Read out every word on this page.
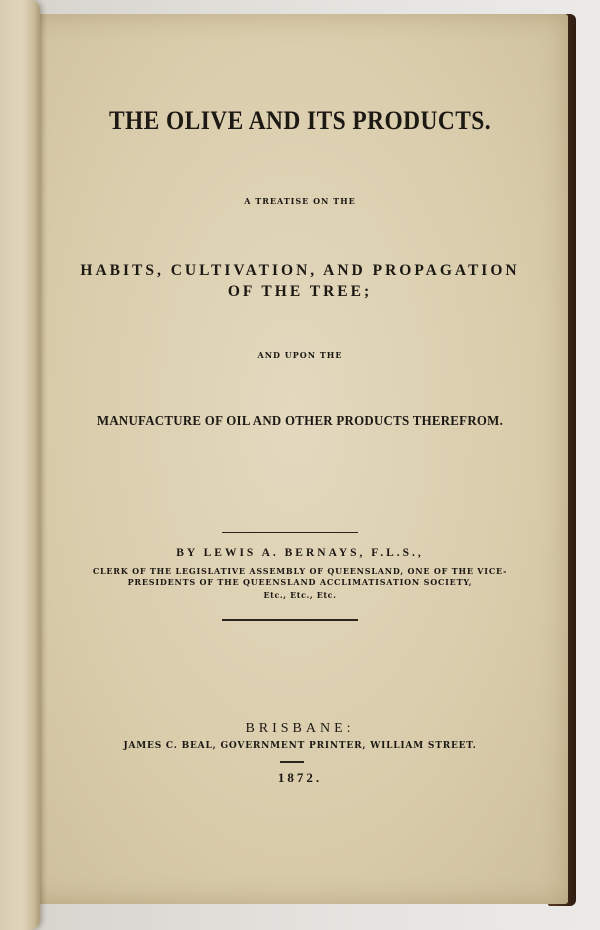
THE OLIVE AND ITS PRODUCTS.

A TREATISE ON THE

HABITS, CULTIVATION, AND PROPAGATION

OF THE TREE;

AND UPON THE

MANUFACTURE OF OIL AND OTHER PRODUCTS THEREFROM.

BY LEWIS A. BERNAYS, F.L.S.,

CLERK OF THE LEGISLATIVE ASSEMBLY OF QUEENSLAND, ONE OF THE VICE-
PRESIDENTS OF THE QUEENSLAND ACCLIMATISATION SOCIETY,

Etc., Etc., Etc.

BRISBANE:

JAMES C. BEAL, GOVERNMENT PRINTER, WILLIAM STREET.

1872.
